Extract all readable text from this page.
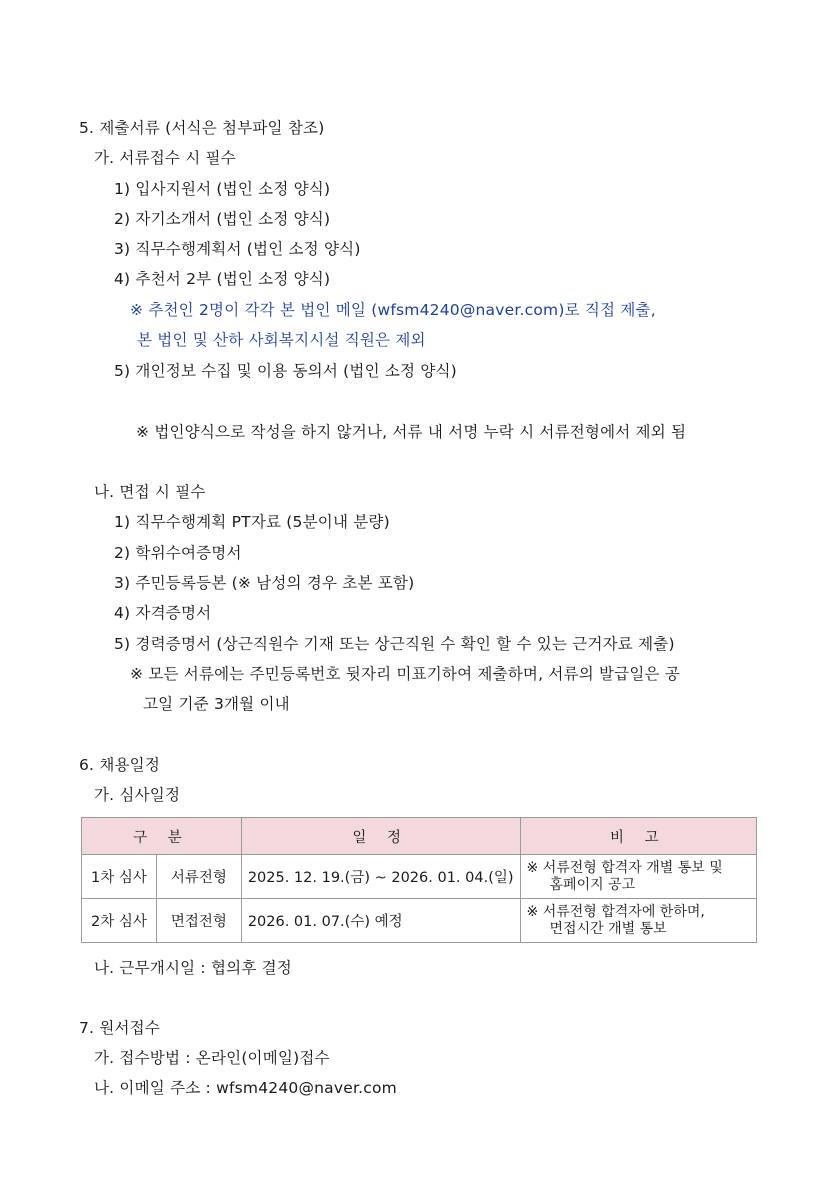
5. 제출서류 (서식은 첨부파일 참조)
가. 서류접수 시 필수
1) 입사지원서 (법인 소정 양식)
2) 자기소개서 (법인 소정 양식)
3) 직무수행계획서 (법인 소정 양식)
4) 추천서 2부 (법인 소정 양식)
※ 추천인 2명이 각각 본 법인 메일 (wfsm4240@naver.com)로 직접 제출,
본 법인 및 산하 사회복지시설 직원은 제외
5) 개인정보 수집 및 이용 동의서 (법인 소정 양식)
※ 법인양식으로 작성을 하지 않거나, 서류 내 서명 누락 시 서류전형에서 제외 됨
나. 면접 시 필수
1) 직무수행계획 PT자료 (5분이내 분량)
2) 학위수여증명서
3) 주민등록등본 (※ 남성의 경우 초본 포함)
4) 자격증명서
5) 경력증명서 (상근직원수 기재 또는 상근직원 수 확인 할 수 있는 근거자료 제출)
※ 모든 서류에는 주민등록번호 뒷자리 미표기하여 제출하며, 서류의 발급일은 공
고일 기준 3개월 이내
6. 채용일정
가. 심사일정
구 분		일 정	비 고
1차 심사	서류전형	2025. 12. 19.(금) ~ 2026. 01. 04.(일)	※ 서류전형 합격자 개별 통보 및
홈페이지 공고

2차 심사	면접전형	2026. 01. 07.(수) 예정	※ 서류전형 합격자에 한하며,
면접시간 개별 통보
나. 근무개시일 : 협의후 결정
7. 원서접수
가. 접수방법 : 온라인(이메일)접수
나. 이메일 주소 : wfsm4240@naver.com
